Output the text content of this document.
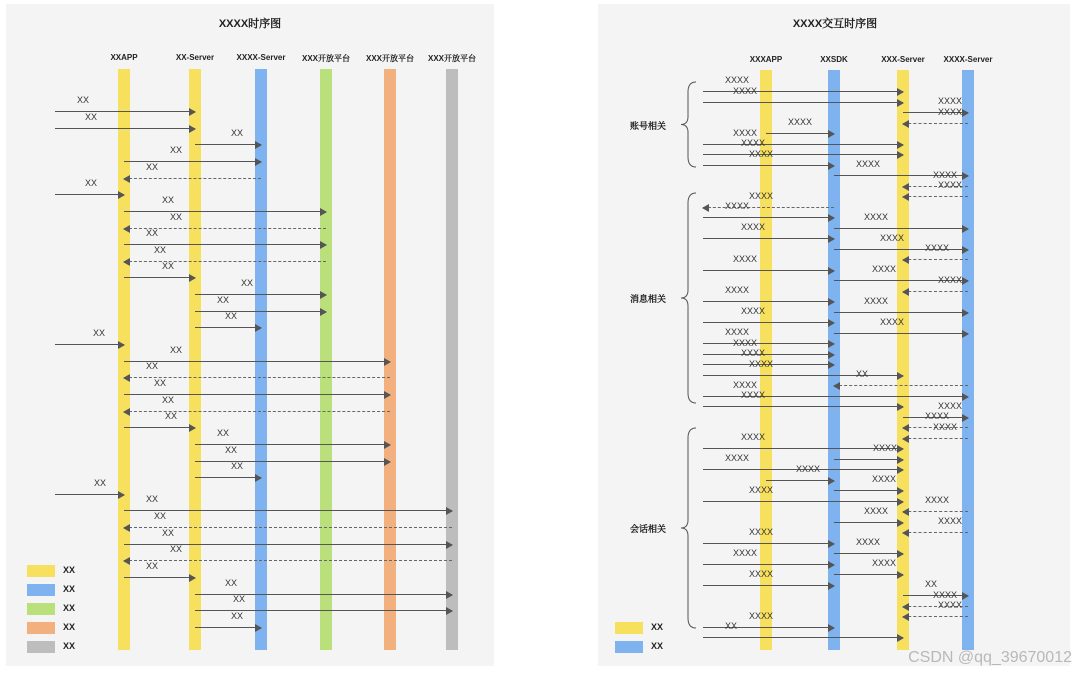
XXXX时序图	XXXX交互时序图
XXAPP	XX-Server	XXXX-Server XXX开放平台 XXX开放平台 XXX开放平台
XX
XX
XX
XX
XX
XX
XX
XX
XX
XX
XX
XX
XX
XX
XX
XX
XX
XX
XX
XX
XX
XX
XX
XX
XX
XX
XX
XX
XX
XX
XX
XX
XX
XX
XX
XX
XX
XXXAPP	XXSDK	XXX-Server XXXX-Server
XXXX
XXXX
XXXX
XXXX
XXXX
XXXX
XXXX
XXXX
XXXX
XXXX
XXXX
XXXX
XXXX
XXXX
XXXX
XXXX
XXXX
XXXX
XXXX
XXXX
XXXX
XXXX
XXXX
XXXX
XXXX
XXXX
XXXX
XXXX
XX
XXXX
XXXX
XXXX
XXXX
XXXX
XXXX
XXXX
XXXX
XXXX
XXXX
XXXX
XXXX
XXXX
XXXX
XXXX
XXXX
XXXX
XXXX
XXXX
XX
XXXX
XXXX
XXXX
XX
XX
XX
账号相关
消息相关
会话相关
CSDN @qq_39670012
